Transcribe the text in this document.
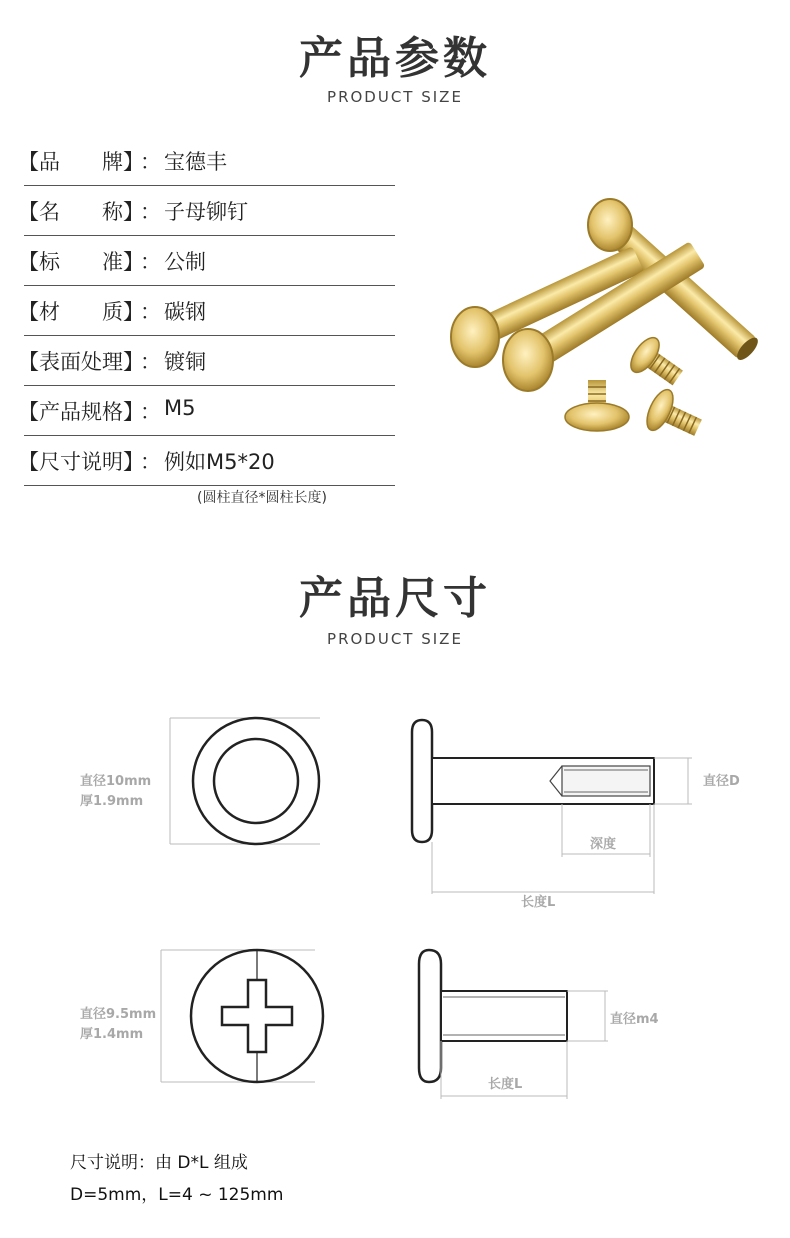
产品参数
PRODUCT SIZE
【品　　牌】
： 宝德丰
【名　　称】
： 子母铆钉
【标　　准】
： 公制
【材　　质】
： 碳钢
【表面处理】
： 镀铜
【产品规格】
： M5
【尺寸说明】
： 例如M5*20
(圆柱直径*圆柱长度)
产品尺寸
PRODUCT SIZE
直径10mm
厚1.9mm
直径D
深度
长度L
直径9.5mm
厚1.4mm
直径m4
长度L
尺寸说明：由 D*L 组成
D=5mm，L=4 ~ 125mm
